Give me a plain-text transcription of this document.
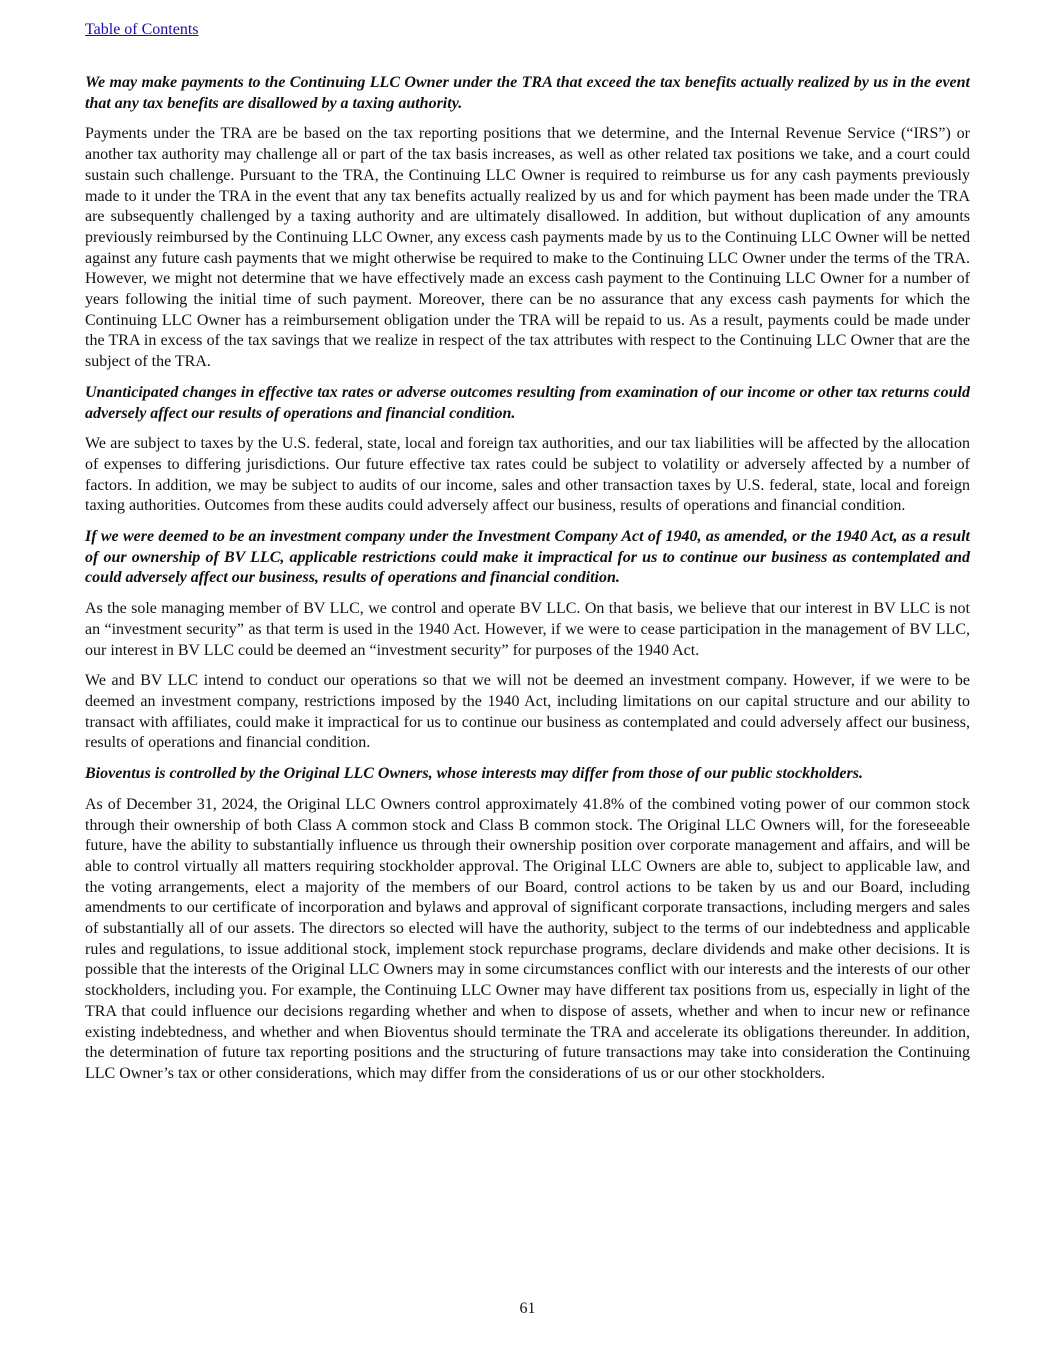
Table of Contents

We may make payments to the Continuing LLC Owner under the TRA that exceed the tax benefits actually realized by us in the event that any tax benefits are disallowed by a taxing authority.

Payments under the TRA are be based on the tax reporting positions that we determine, and the Internal Revenue Service (“IRS”) or another tax authority may challenge all or part of the tax basis increases, as well as other related tax positions we take, and a court could sustain such challenge. Pursuant to the TRA, the Continuing LLC Owner is required to reimburse us for any cash payments previously made to it under the TRA in the event that any tax benefits actually realized by us and for which payment has been made under the TRA are subsequently challenged by a taxing authority and are ultimately disallowed. In addition, but without duplication of any amounts previously reimbursed by the Continuing LLC Owner, any excess cash payments made by us to the Continuing LLC Owner will be netted against any future cash payments that we might otherwise be required to make to the Continuing LLC Owner under the terms of the TRA. However, we might not determine that we have effectively made an excess cash payment to the Continuing LLC Owner for a number of years following the initial time of such payment. Moreover, there can be no assurance that any excess cash payments for which the Continuing LLC Owner has a reimbursement obligation under the TRA will be repaid to us. As a result, payments could be made under the TRA in excess of the tax savings that we realize in respect of the tax attributes with respect to the Continuing LLC Owner that are the subject of the TRA.

Unanticipated changes in effective tax rates or adverse outcomes resulting from examination of our income or other tax returns could adversely affect our results of operations and financial condition.

We are subject to taxes by the U.S. federal, state, local and foreign tax authorities, and our tax liabilities will be affected by the allocation of expenses to differing jurisdictions. Our future effective tax rates could be subject to volatility or adversely affected by a number of factors. In addition, we may be subject to audits of our income, sales and other transaction taxes by U.S. federal, state, local and foreign taxing authorities. Outcomes from these audits could adversely affect our business, results of operations and financial condition.

If we were deemed to be an investment company under the Investment Company Act of 1940, as amended, or the 1940 Act, as a result of our ownership of BV LLC, applicable restrictions could make it impractical for us to continue our business as contemplated and could adversely affect our business, results of operations and financial condition.

As the sole managing member of BV LLC, we control and operate BV LLC. On that basis, we believe that our interest in BV LLC is not an “investment security” as that term is used in the 1940 Act. However, if we were to cease participation in the management of BV LLC, our interest in BV LLC could be deemed an “investment security” for purposes of the 1940 Act.

We and BV LLC intend to conduct our operations so that we will not be deemed an investment company. However, if we were to be deemed an investment company, restrictions imposed by the 1940 Act, including limitations on our capital structure and our ability to transact with affiliates, could make it impractical for us to continue our business as contemplated and could adversely affect our business, results of operations and financial condition.

Bioventus is controlled by the Original LLC Owners, whose interests may differ from those of our public stockholders.

As of December 31, 2024, the Original LLC Owners control approximately 41.8% of the combined voting power of our common stock through their ownership of both Class A common stock and Class B common stock. The Original LLC Owners will, for the foreseeable future, have the ability to substantially influence us through their ownership position over corporate management and affairs, and will be able to control virtually all matters requiring stockholder approval. The Original LLC Owners are able to, subject to applicable law, and the voting arrangements, elect a majority of the members of our Board, control actions to be taken by us and our Board, including amendments to our certificate of incorporation and bylaws and approval of significant corporate transactions, including mergers and sales of substantially all of our assets. The directors so elected will have the authority, subject to the terms of our indebtedness and applicable rules and regulations, to issue additional stock, implement stock repurchase programs, declare dividends and make other decisions. It is possible that the interests of the Original LLC Owners may in some circumstances conflict with our interests and the interests of our other stockholders, including you. For example, the Continuing LLC Owner may have different tax positions from us, especially in light of the TRA that could influence our decisions regarding whether and when to dispose of assets, whether and when to incur new or refinance existing indebtedness, and whether and when Bioventus should terminate the TRA and accelerate its obligations thereunder. In addition, the determination of future tax reporting positions and the structuring of future transactions may take into consideration the Continuing LLC Owner’s tax or other considerations, which may differ from the considerations of us or our other stockholders.

61
